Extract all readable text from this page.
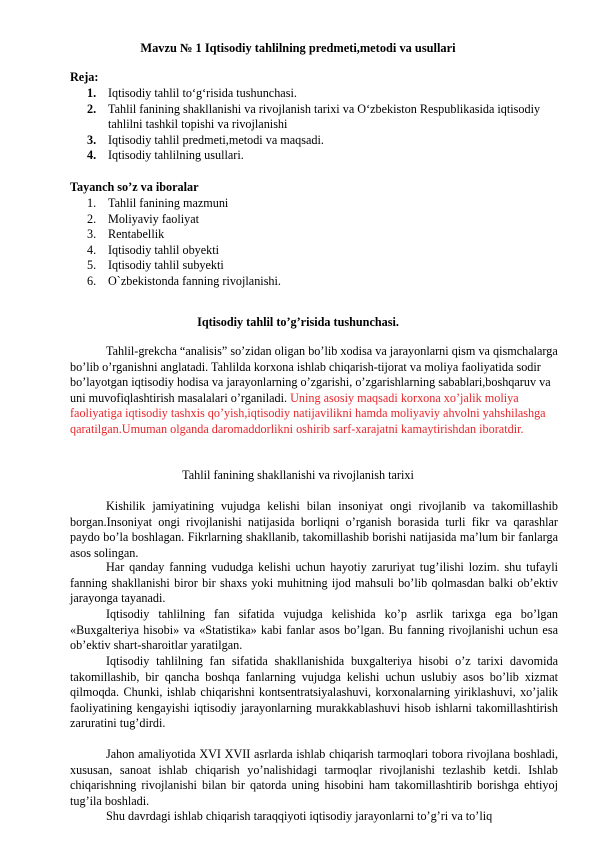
Mavzu № 1 Iqtisodiy tahlilning predmeti,metodi va usullari
Reja:
1. Iqtisodiy tahlil to‘g‘risida tushunchasi.
2. Tahlil fanining shakllanishi va rivojlanish tarixi va O‘zbekiston Respublikasida iqtisodiy tahlilni tashkil topishi va rivojlanishi
3. Iqtisodiy tahlil predmeti,metodi va maqsadi.
4. Iqtisodiy tahlilning usullari.
Tayanch so’z va iboralar
1. Tahlil fanining mazmuni
2. Moliyaviy faoliyat
3. Rentabellik
4. Iqtisodiy tahlil obyekti
5. Iqtisodiy tahlil subyekti
6. O`zbekistonda fanning rivojlanishi.
Iqtisodiy tahlil to’g’risida tushunchasi.

Tahlil-grekcha “analisis” so’zidan oligan bo’lib xodisa va jarayonlarni qism va qismchalarga bo’lib o’rganishni anglatadi. Tahlilda korxona ishlab chiqarish-tijorat va moliya faoliyatida sodir bo’layotgan iqtisodiy hodisa va jarayonlarning o’zgarishi, o’zgarishlarning sabablari,boshqaruv va uni muvofiqlashtirish masalalari o’rganiladi. Uning asosiy maqsadi korxona xo’jalik moliya faoliyatiga iqtisodiy tashxis qo’yish,iqtisodiy natijavilikni hamda moliyaviy ahvolni yahshilashga qaratilgan.Umuman olganda daromaddorlikni oshirib sarf-xarajatni kamaytirishdan iboratdir.

Tahlil fanining shakllanishi va rivojlanish tarixi

Kishilik jamiyatining vujudga kelishi bilan insoniyat ongi rivojlanib va takomillashib borgan.Insoniyat ongi rivojlanishi natijasida borliqni o’rganish borasida turli fikr va qarashlar paydo bo’la boshlagan. Fikrlarning shakllanib, takomillashib borishi natijasida ma’lum bir fanlarga asos solingan.

Har qanday fanning vududga kelishi uchun hayotiy zaruriyat tug’ilishi lozim. shu tufayli fanning shakllanishi biror bir shaxs yoki muhitning ijod mahsuli bo’lib qolmasdan balki ob’ektiv jarayonga tayanadi.

Iqtisodiy tahlilning fan sifatida vujudga kelishida ko’p asrlik tarixga ega bo’lgan «Buxgalteriya hisobi» va «Statistika» kabi fanlar asos bo’lgan. Bu fanning rivojlanishi uchun esa ob’ektiv shart-sharoitlar yaratilgan.

Iqtisodiy tahlilning fan sifatida shakllanishida buxgalteriya hisobi o’z tarixi davomida takomillashib, bir qancha boshqa fanlarning vujudga kelishi uchun uslubiy asos bo’lib xizmat qilmoqda. Chunki, ishlab chiqarishni kontsentratsiyalashuvi, korxonalarning yiriklashuvi, xo’jalik faoliyatining kengayishi iqtisodiy jarayonlarning murakkablashuvi hisob ishlarni takomillashtirish zaruratini tug’dirdi.

Jahon amaliyotida XVI XVII asrlarda ishlab chiqarish tarmoqlari tobora rivojlana boshladi, xususan, sanoat ishlab chiqarish yo’nalishidagi tarmoqlar rivojlanishi tezlashib ketdi. Ishlab chiqarishning rivojlanishi bilan bir qatorda uning hisobini ham takomillashtirib borishga ehtiyoj tug’ila boshladi.

Shu davrdagi ishlab chiqarish taraqqiyoti iqtisodiy jarayonlarni to’g’ri va to’liq
